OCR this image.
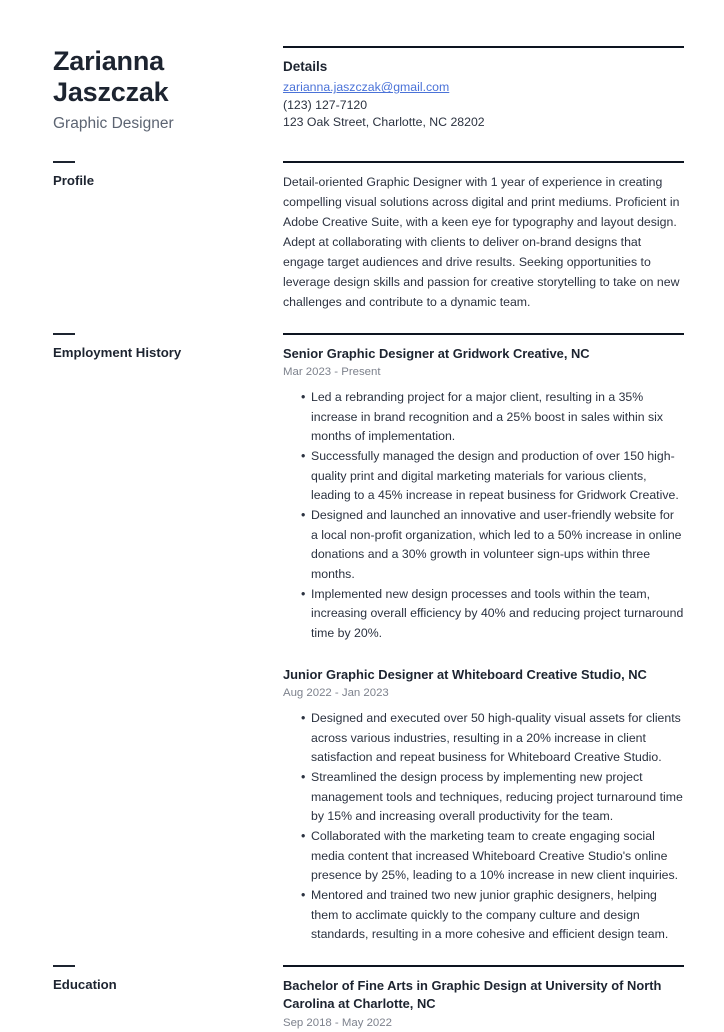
Zarianna Jaszczak
Graphic Designer
Details
zarianna.jaszczak@gmail.com
(123) 127-7120
123 Oak Street, Charlotte, NC 28202
Profile	Detail-oriented Graphic Designer with 1 year of experience in creating compelling visual solutions across digital and print mediums. Proficient in Adobe Creative Suite, with a keen eye for typography and layout design. Adept at collaborating with clients to deliver on-brand designs that engage target audiences and drive results. Seeking opportunities to leverage design skills and passion for creative storytelling to take on new challenges and contribute to a dynamic team.

Employment History	Senior Graphic Designer at Gridwork Creative, NC
Mar 2023 - Present
• Led a rebranding project for a major client, resulting in a 35% increase in brand recognition and a 25% boost in sales within six months of implementation.
• Successfully managed the design and production of over 150 high-quality print and digital marketing materials for various clients, leading to a 45% increase in repeat business for Gridwork Creative.
• Designed and launched an innovative and user-friendly website for a local non-profit organization, which led to a 50% increase in online donations and a 30% growth in volunteer sign-ups within three months.
• Implemented new design processes and tools within the team, increasing overall efficiency by 40% and reducing project turnaround time by 20%.
Junior Graphic Designer at Whiteboard Creative Studio, NC
Aug 2022 - Jan 2023
• Designed and executed over 50 high-quality visual assets for clients across various industries, resulting in a 20% increase in client satisfaction and repeat business for Whiteboard Creative Studio.
• Streamlined the design process by implementing new project management tools and techniques, reducing project turnaround time by 15% and increasing overall productivity for the team.
• Collaborated with the marketing team to create engaging social media content that increased Whiteboard Creative Studio's online presence by 25%, leading to a 10% increase in new client inquiries.
• Mentored and trained two new junior graphic designers, helping them to acclimate quickly to the company culture and design standards, resulting in a more cohesive and efficient design team.
Education	Bachelor of Fine Arts in Graphic Design at University of North Carolina at Charlotte, NC
Sep 2018 - May 2022
